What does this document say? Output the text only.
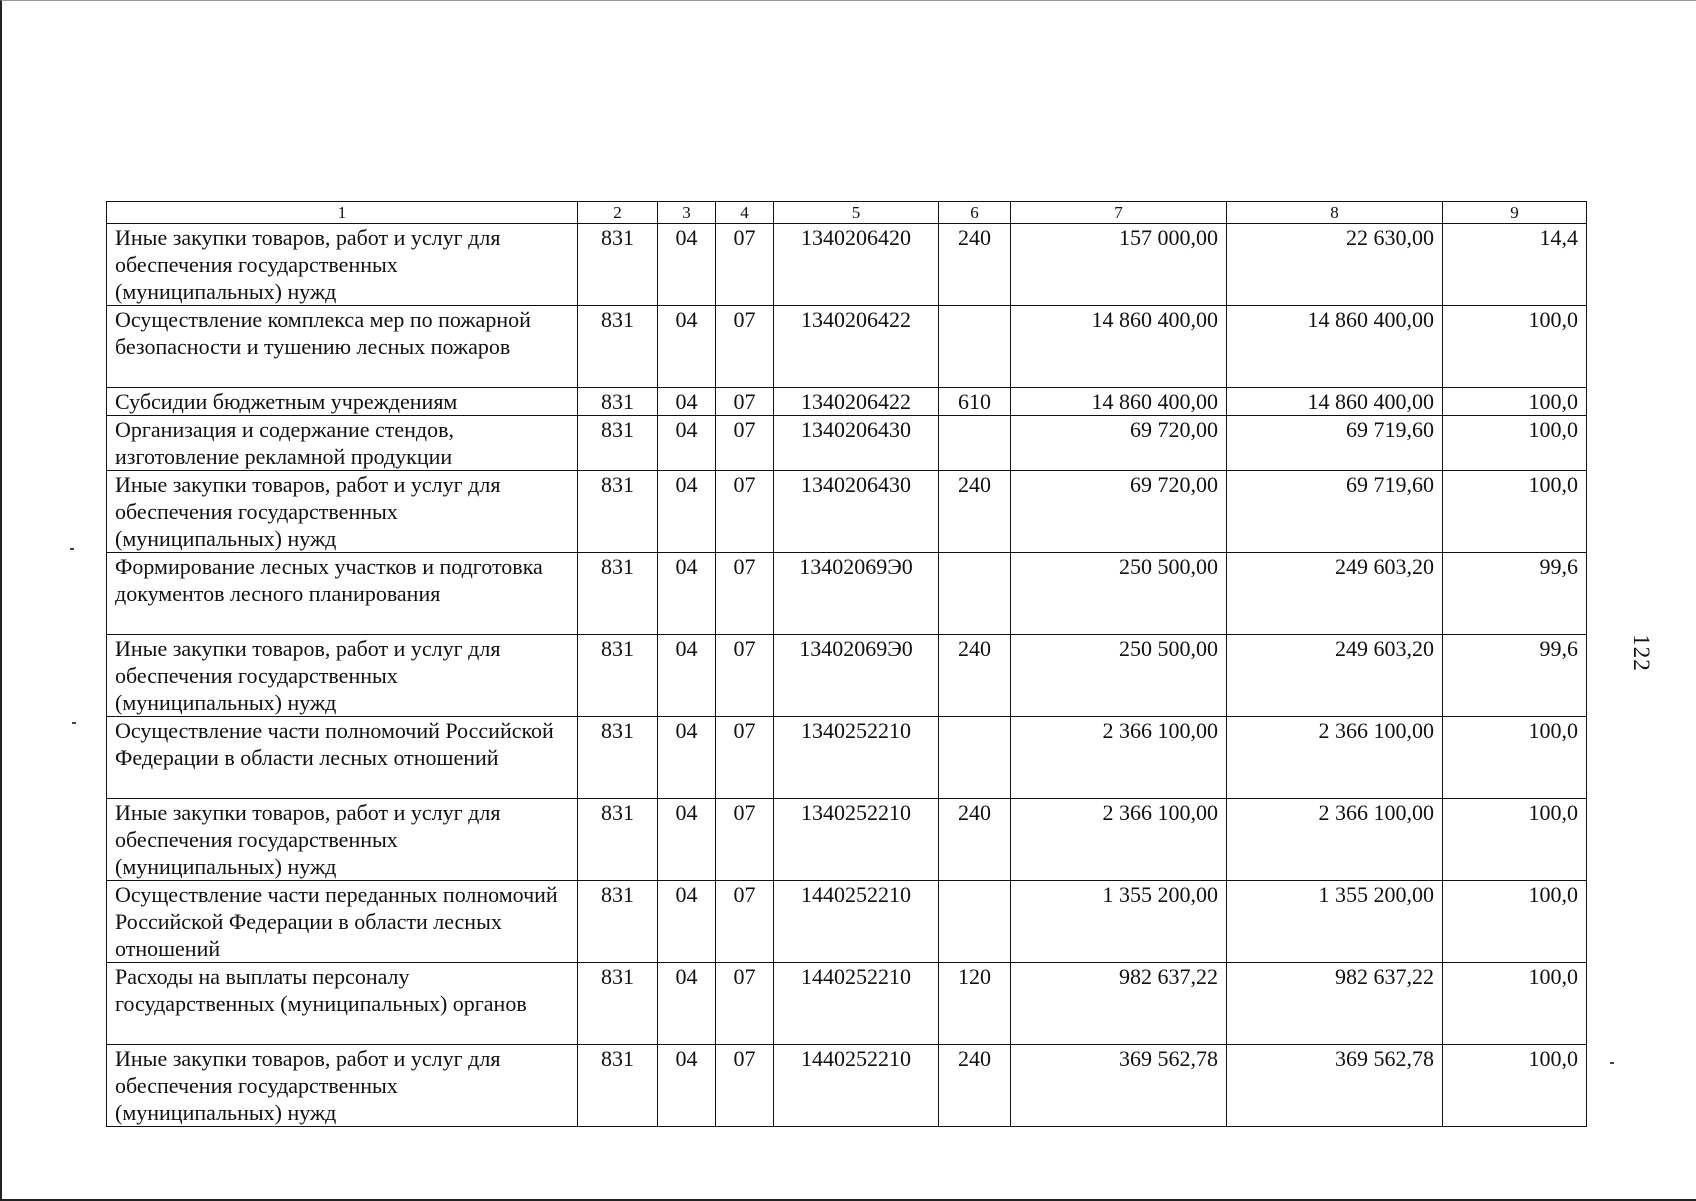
1	2	3	4	5	6	7	8	9
Иные закупки товаров, работ и услуг для обеспечения государственных (муниципальных) нужд	831	04	07	1340206420	240	157 000,00	22 630,00	14,4
Осуществление комплекса мер по пожарной безопасности и тушению лесных пожаров	831	04	07	1340206422		14 860 400,00	14 860 400,00	100,0
Субсидии бюджетным учреждениям	831	04	07	1340206422	610	14 860 400,00	14 860 400,00	100,0
Организация и содержание стендов, изготовление рекламной продукции	831	04	07	1340206430		69 720,00	69 719,60	100,0
Иные закупки товаров, работ и услуг для обеспечения государственных (муниципальных) нужд	831	04	07	1340206430	240	69 720,00	69 719,60	100,0
Формирование лесных участков и подготовка документов лесного планирования	831	04	07	13402069Э0		250 500,00	249 603,20	99,6
Иные закупки товаров, работ и услуг для обеспечения государственных (муниципальных) нужд	831	04	07	13402069Э0	240	250 500,00	249 603,20	99,6
Осуществление части полномочий Российской Федерации в области лесных отношений	831	04	07	1340252210		2 366 100,00	2 366 100,00	100,0
Иные закупки товаров, работ и услуг для обеспечения государственных (муниципальных) нужд	831	04	07	1340252210	240	2 366 100,00	2 366 100,00	100,0
Осуществление части переданных полномочий Российской Федерации в области лесных отношений	831	04	07	1440252210		1 355 200,00	1 355 200,00	100,0
Расходы на выплаты персоналу государственных (муниципальных) органов	831	04	07	1440252210	120	982 637,22	982 637,22	100,0
Иные закупки товаров, работ и услуг для обеспечения государственных (муниципальных) нужд	831	04	07	1440252210	240	369 562,78	369 562,78	100,0
122
